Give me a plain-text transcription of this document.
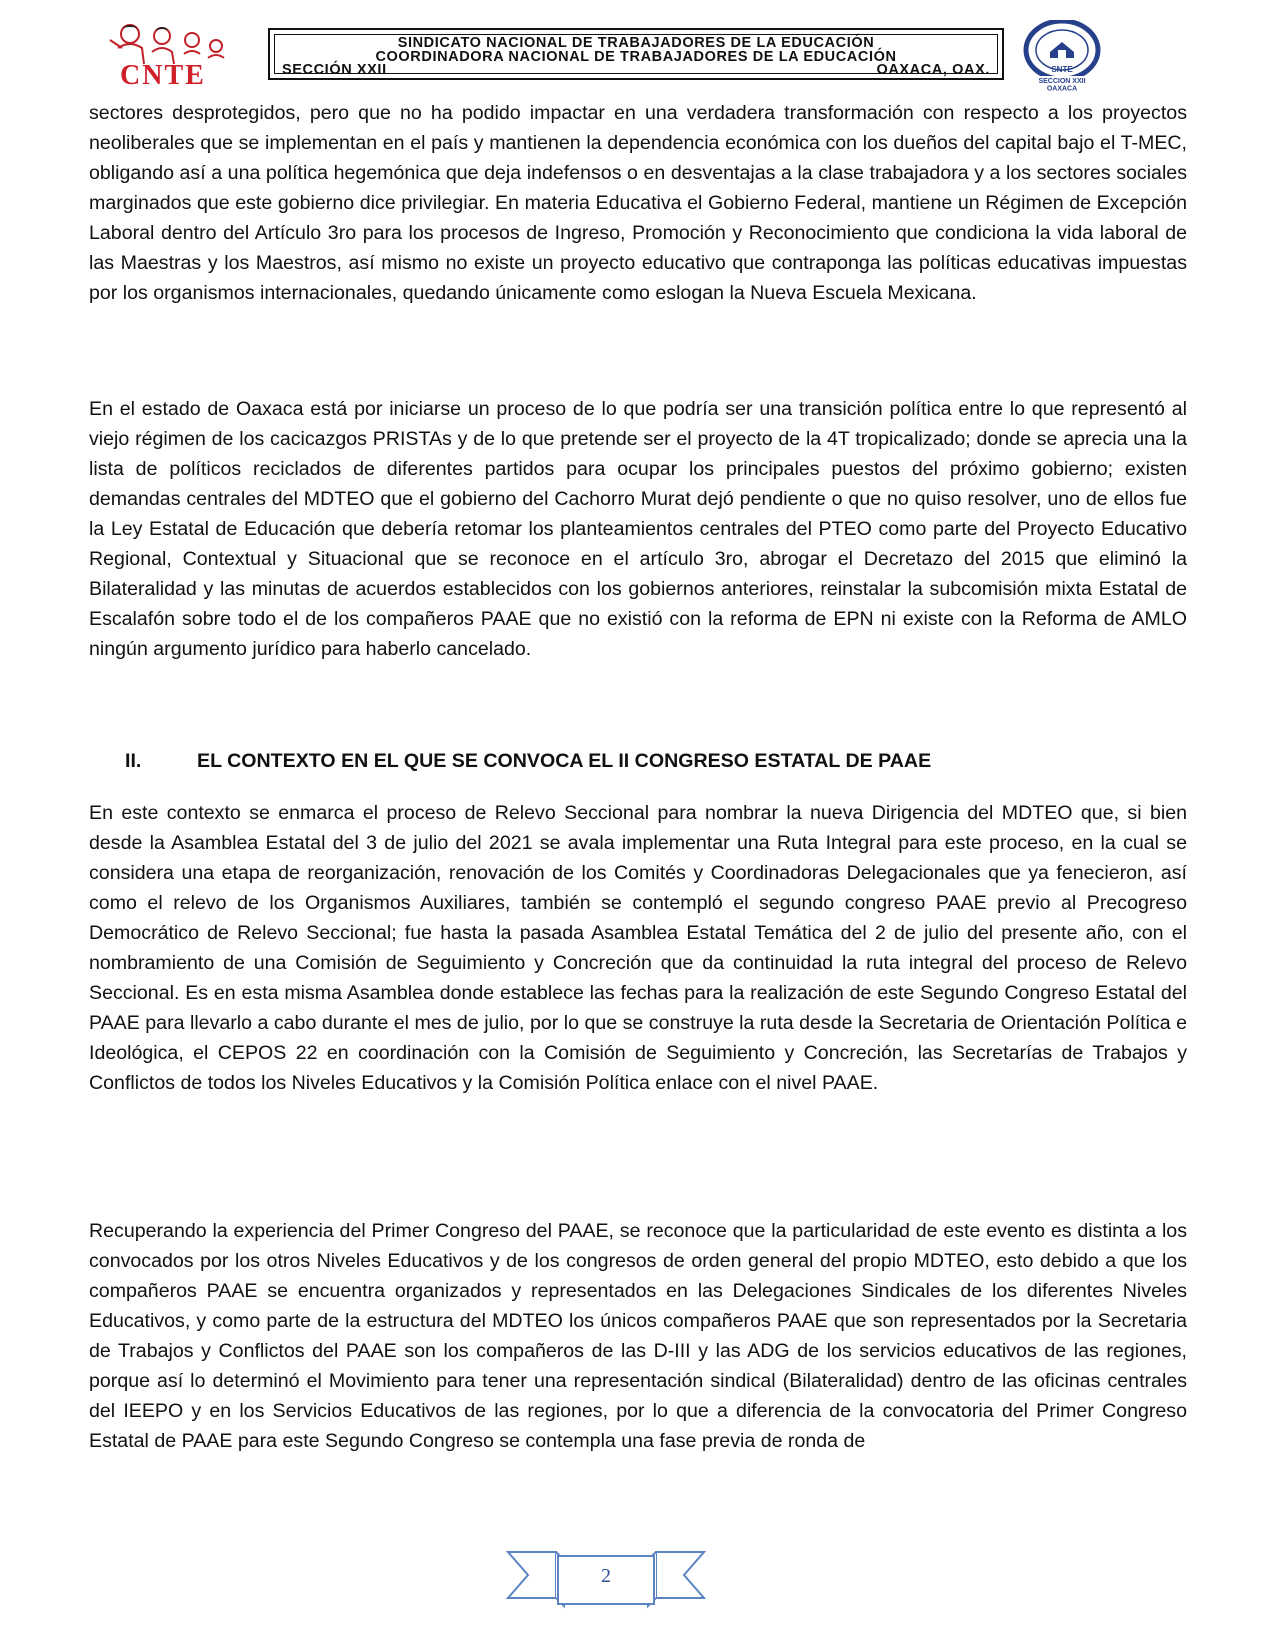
CNTE
SINDICATO NACIONAL DE TRABAJADORES DE LA EDUCACIÓN
COORDINADORA NACIONAL DE TRABAJADORES DE LA EDUCACIÓN
SECCIÓN XXII	OAXACA, OAX.	SNTE
SECCION XXII
OAXACA

sectores desprotegidos, pero que no ha podido impactar en una verdadera transformación con respecto a los proyectos neoliberales que se implementan en el país y mantienen la dependencia económica con los dueños del capital bajo el T-MEC, obligando así a una política hegemónica que deja indefensos o en desventajas a la clase trabajadora y a los sectores sociales marginados que este gobierno dice privilegiar. En materia Educativa el Gobierno Federal, mantiene un Régimen de Excepción Laboral dentro del Artículo 3ro para los procesos de Ingreso, Promoción y Reconocimiento que condiciona la vida laboral de las Maestras y los Maestros, así mismo no existe un proyecto educativo que contraponga las políticas educativas impuestas por los organismos internacionales, quedando únicamente como eslogan la Nueva Escuela Mexicana.

En el estado de Oaxaca está por iniciarse un proceso de lo que podría ser una transición política entre lo que representó al viejo régimen de los cacicazgos PRISTAs y de lo que pretende ser el proyecto de la 4T tropicalizado; donde se aprecia una la lista de políticos reciclados de diferentes partidos para ocupar los principales puestos del próximo gobierno; existen demandas centrales del MDTEO que el gobierno del Cachorro Murat dejó pendiente o que no quiso resolver, uno de ellos fue la Ley Estatal de Educación que debería retomar los planteamientos centrales del PTEO como parte del Proyecto Educativo Regional, Contextual y Situacional que se reconoce en el artículo 3ro, abrogar el Decretazo del 2015 que eliminó la Bilateralidad y las minutas de acuerdos establecidos con los gobiernos anteriores, reinstalar la subcomisión mixta Estatal de Escalafón sobre todo el de los compañeros PAAE que no existió con la reforma de EPN ni existe con la Reforma de AMLO ningún argumento jurídico para haberlo cancelado.

II.	EL CONTEXTO EN EL QUE SE CONVOCA EL II CONGRESO ESTATAL DE PAAE

En este contexto se enmarca el proceso de Relevo Seccional para nombrar la nueva Dirigencia del MDTEO que, si bien desde la Asamblea Estatal del 3 de julio del 2021 se avala implementar una Ruta Integral para este proceso, en la cual se considera una etapa de reorganización, renovación de los Comités y Coordinadoras Delegacionales que ya fenecieron, así como el relevo de los Organismos Auxiliares, también se contempló el segundo congreso PAAE previo al Precogreso Democrático de Relevo Seccional; fue hasta la pasada Asamblea Estatal Temática del 2 de julio del presente año, con el nombramiento de una Comisión de Seguimiento y Concreción que da continuidad la ruta integral del proceso de Relevo Seccional. Es en esta misma Asamblea donde establece las fechas para la realización de este Segundo Congreso Estatal del PAAE para llevarlo a cabo durante el mes de julio, por lo que se construye la ruta desde la Secretaria de Orientación Política e Ideológica, el CEPOS 22 en coordinación con la Comisión de Seguimiento y Concreción, las Secretarías de Trabajos y Conflictos de todos los Niveles Educativos y la Comisión Política enlace con el nivel PAAE.

Recuperando la experiencia del Primer Congreso del PAAE, se reconoce que la particularidad de este evento es distinta a los convocados por los otros Niveles Educativos y de los congresos de orden general del propio MDTEO, esto debido a que los compañeros PAAE se encuentra organizados y representados en las Delegaciones Sindicales de los diferentes Niveles Educativos, y como parte de la estructura del MDTEO los únicos compañeros PAAE que son representados por la Secretaria de Trabajos y Conflictos del PAAE son los compañeros de las D-III y las ADG de los servicios educativos de las regiones, porque así lo determinó el Movimiento para tener una representación sindical (Bilateralidad) dentro de las oficinas centrales del IEEPO y en los Servicios Educativos de las regiones, por lo que a diferencia de la convocatoria del Primer Congreso Estatal de PAAE para este Segundo Congreso se contempla una fase previa de ronda de

2
